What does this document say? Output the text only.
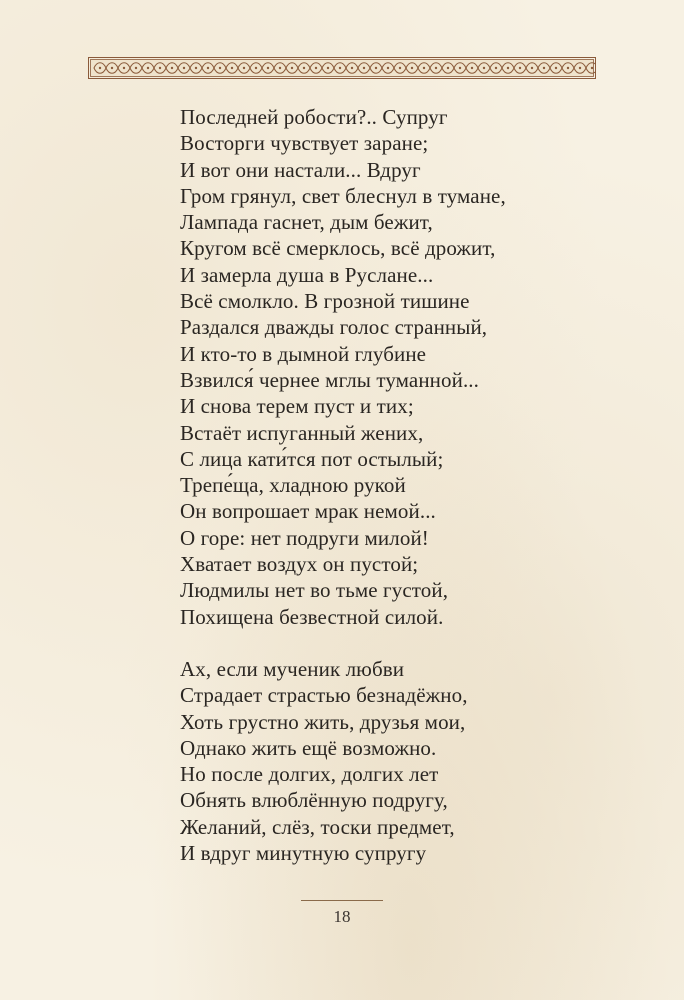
Последней робости?.. Супруг
Восторги чувствует заране;
И вот они настали... Вдруг
Гром грянул, свет блеснул в тумане,
Лампада гаснет, дым бежит,
Кругом всё смерклось, всё дрожит,
И замерла душа в Руслане...
Всё смолкло. В грозной тишине
Раздался дважды голос странный,
И кто-то в дымной глубине
Взвился́ чернее мглы туманной...
И снова терем пуст и тих;
Встаёт испуганный жених,
С лица кати́тся пот остылый;
Трепе́ща, хладною рукой
Он вопрошает мрак немой...
О горе: нет подруги милой!
Хватает воздух он пустой;
Людмилы нет во тьме густой,
Похищена безвестной силой.

Ах, если мученик любви
Страдает страстью безнадёжно,
Хоть грустно жить, друзья мои,
Однако жить ещё возможно.
Но после долгих, долгих лет
Обнять влюблённую подругу,
Желаний, слёз, тоски предмет,
И вдруг минутную супругу

18
